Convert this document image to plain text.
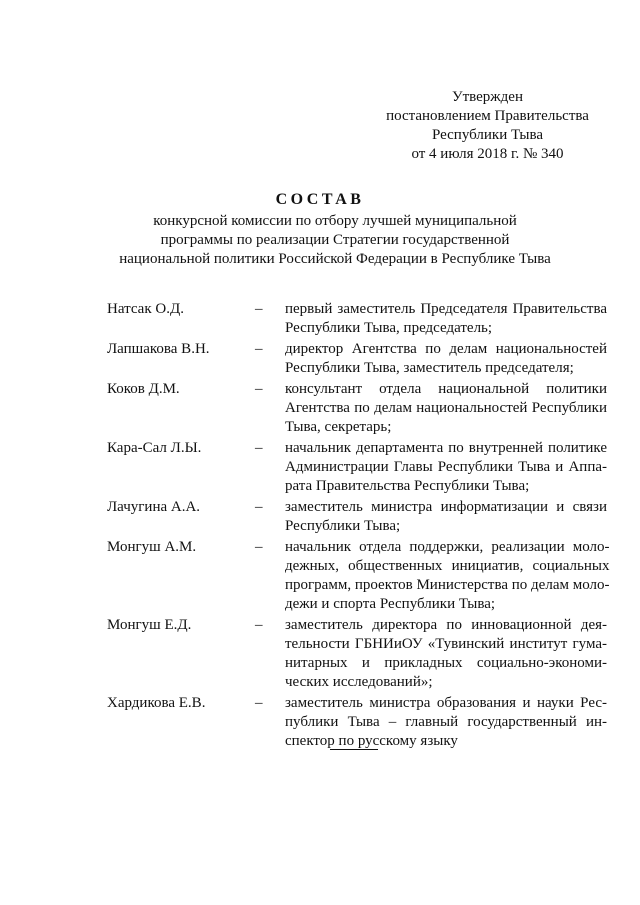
Утвержден
постановлением Правительства
Республики Тыва
от 4 июля 2018 г. № 340
СОСТАВ
конкурсной комиссии по отбору лучшей муниципальной
программы по реализации Стратегии государственной
национальной политики Российской Федерации в Республике Тыва
Натсак О.Д.	–	первый заместитель Председателя Правительства
Республики Тыва, председатель;
Лапшакова В.Н.	–	директор Агентства по делам национальностей
Республики Тыва, заместитель председателя;
Коков Д.М.	–	консультант отдела национальной политики
Агентства по делам национальностей Республики
Тыва, секретарь;
Кара-Сал Л.Ы.	–	начальник департамента по внутренней политике
Администрации Главы Республики Тыва и Аппа-
рата Правительства Республики Тыва;
Лачугина А.А.	–	заместитель министра информатизации и связи
Республики Тыва;
Монгуш А.М.	–	начальник отдела поддержки, реализации моло-
дежных, общественных инициатив, социальных
программ, проектов Министерства по делам моло-
дежи и спорта Республики Тыва;
Монгуш Е.Д.	–	заместитель директора по инновационной дея-
тельности ГБНИиОУ «Тувинский институт гума-
нитарных и прикладных социально-экономи-
ческих исследований»;
Хардикова Е.В.	–	заместитель министра образования и науки Рес-
публики Тыва – главный государственный ин-
спектор по русскому языку
